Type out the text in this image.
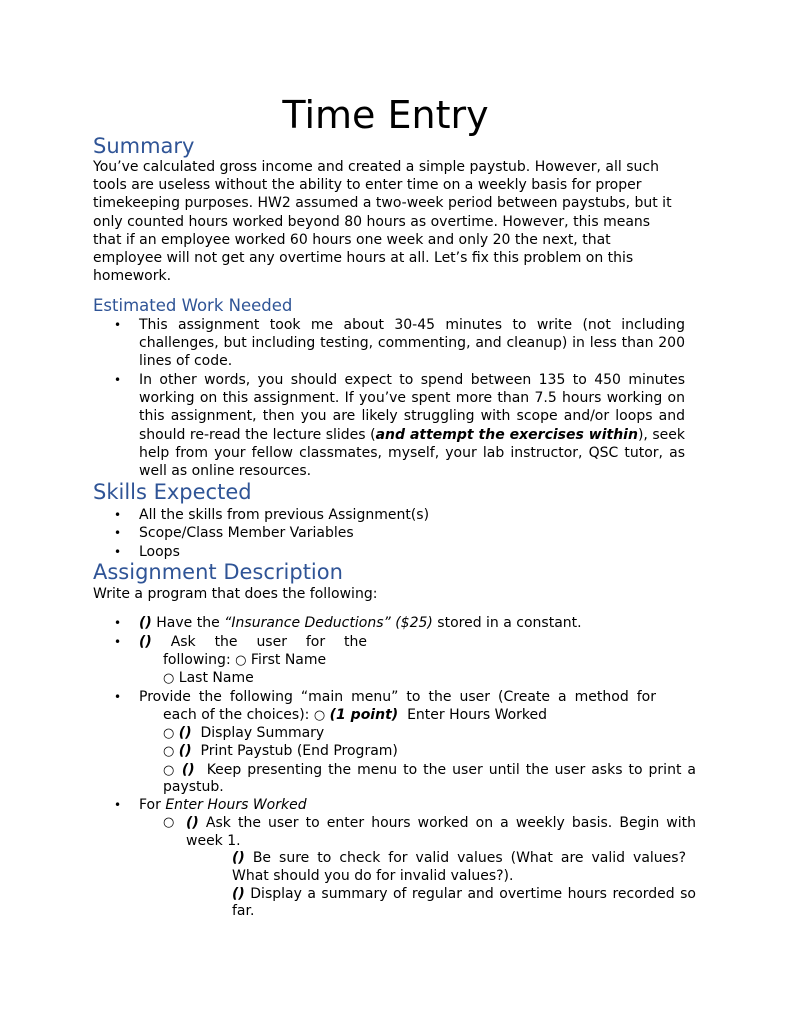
Time Entry
Summary
You’ve calculated gross income and created a simple paystub. However, all such tools are useless without the ability to enter time on a weekly basis for proper timekeeping purposes. HW2 assumed a two-week period between paystubs, but it only counted hours worked beyond 80 hours as overtime. However, this means that if an employee worked 60 hours one week and only 20 the next, that employee will not get any overtime hours at all. Let’s fix this problem on this homework.
Estimated Work Needed
• This assignment took me about 30-45 minutes to write (not including challenges, but including testing, commenting, and cleanup) in less than 200 lines of code.
• In other words, you should expect to spend between 135 to 450 minutes working on this assignment. If you’ve spent more than 7.5 hours working on this assignment, then you are likely struggling with scope and/or loops and should re-read the lecture slides (and attempt the exercises within), seek help from your fellow classmates, myself, your lab instructor, QSC tutor, as well as online resources.
Skills Expected
• All the skills from previous Assignment(s)
• Scope/Class Member Variables
• Loops
Assignment Description
Write a program that does the following:
• () Have the “Insurance Deductions” ($25) stored in a constant.
• () Ask the user for the
following: ○ First Name
○ Last Name
• Provide the following “main menu” to the user (Create a method for
each of the choices): ○ (1 point) Enter Hours Worked
○ () Display Summary
○ () Print Paystub (End Program)
○ () Keep presenting the menu to the user until the user asks to print a
paystub.
• For Enter Hours Worked
○ () Ask the user to enter hours worked on a weekly basis. Begin with
week 1.
() Be sure to check for valid values (What are valid values?
What should you do for invalid values?).
() Display a summary of regular and overtime hours recorded so
far.
